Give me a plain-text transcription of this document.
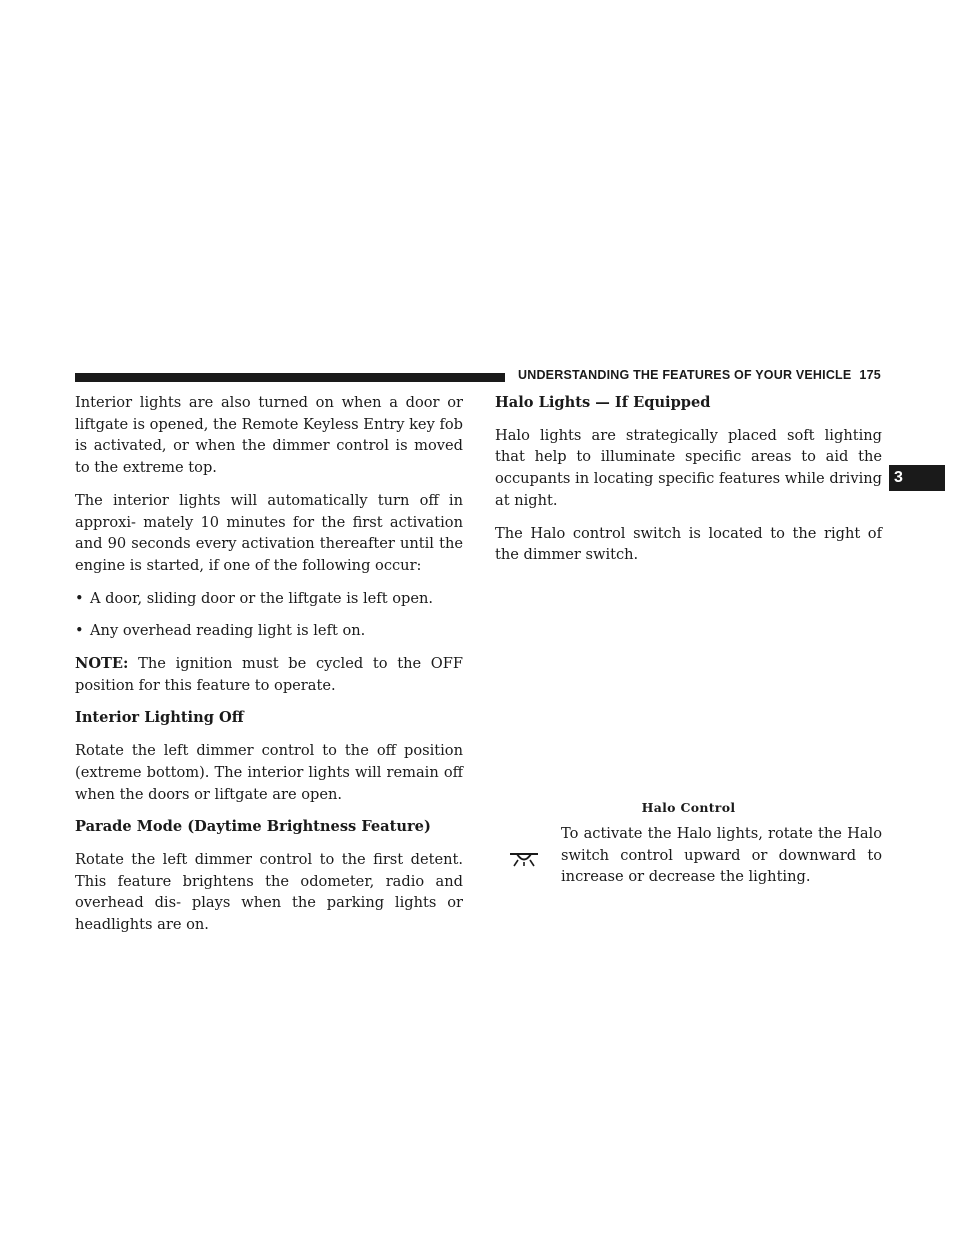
UNDERSTANDING THE FEATURES OF YOUR VEHICLE 175
3

Interior lights are also turned on when a door or liftgate is opened, the Remote Keyless Entry key fob is activated, or when the dimmer control is moved to the extreme top.

The interior lights will automatically turn off in approxi- mately 10 minutes for the first activation and 90 seconds every activation thereafter until the engine is started, if one of the following occur:

• A door, sliding door or the liftgate is left open.
• Any overhead reading light is left on.

NOTE: The ignition must be cycled to the OFF position for this feature to operate.

Interior Lighting Off

Rotate the left dimmer control to the off position (extreme bottom). The interior lights will remain off when the doors or liftgate are open.

Parade Mode (Daytime Brightness Feature)

Rotate the left dimmer control to the first detent. This feature brightens the odometer, radio and overhead dis- plays when the parking lights or headlights are on.

Halo Lights — If Equipped

Halo lights are strategically placed soft lighting that help to illuminate specific areas to aid the occupants in locating specific features while driving at night.

The Halo control switch is located to the right of the dimmer switch.

Halo Control
To activate the Halo lights, rotate the Halo switch control upward or downward to increase or decrease the lighting.
